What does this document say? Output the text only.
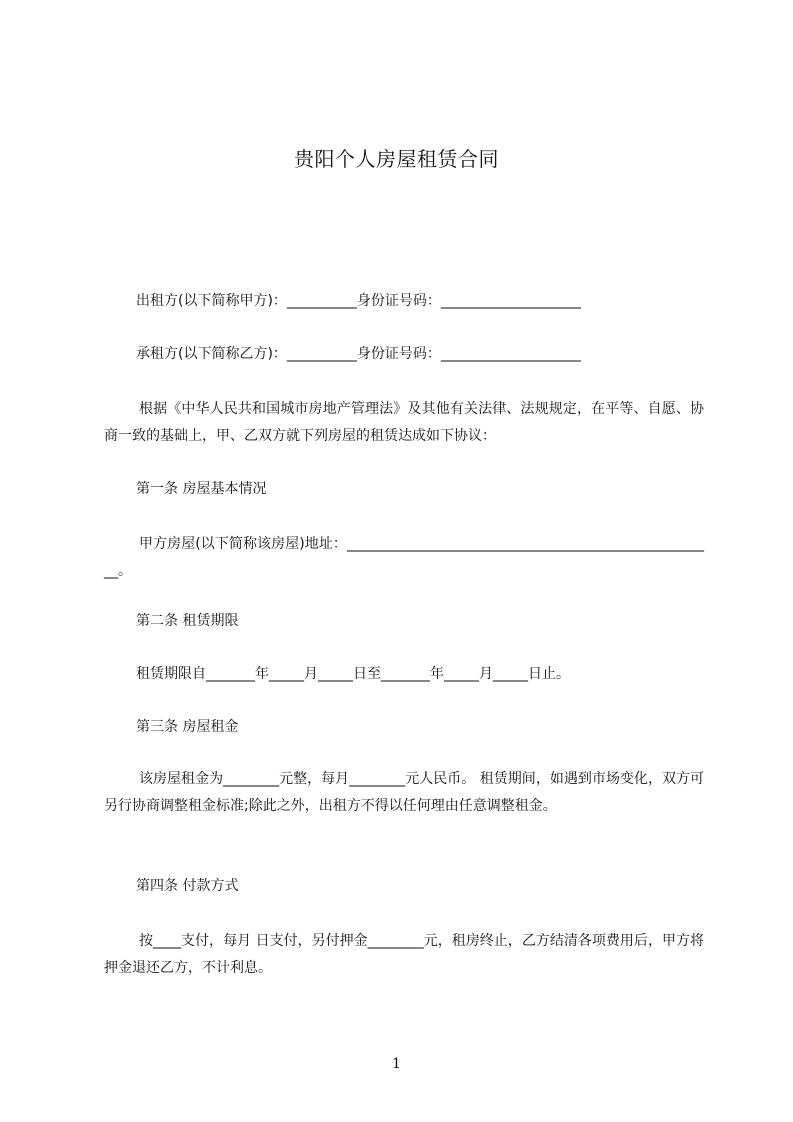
贵阳个人房屋租赁合同
出租方(以下简称甲方)：__________身份证号码：____________________
承租方(以下简称乙方)：__________身份证号码：____________________
根据《中华人民共和国城市房地产管理法》及其他有关法律、法规规定，在平等、自愿、协商一致的基础上，甲、乙双方就下列房屋的租赁达成如下协议：
第一条 房屋基本情况
甲方房屋(以下简称该房屋)地址：_____________________________________________________。
第二条 租赁期限
租赁期限自_______年_____月_____日至_______年_____月_____日止。
第三条 房屋租金
该房屋租金为________元整，每月________元人民币。 租赁期间，如遇到市场变化，双方可另行协商调整租金标准;除此之外，出租方不得以任何理由任意调整租金。
第四条 付款方式
按____支付，每月 日支付，另付押金________元，租房终止，乙方结清各项费用后，甲方将押金退还乙方，不计利息。
1
